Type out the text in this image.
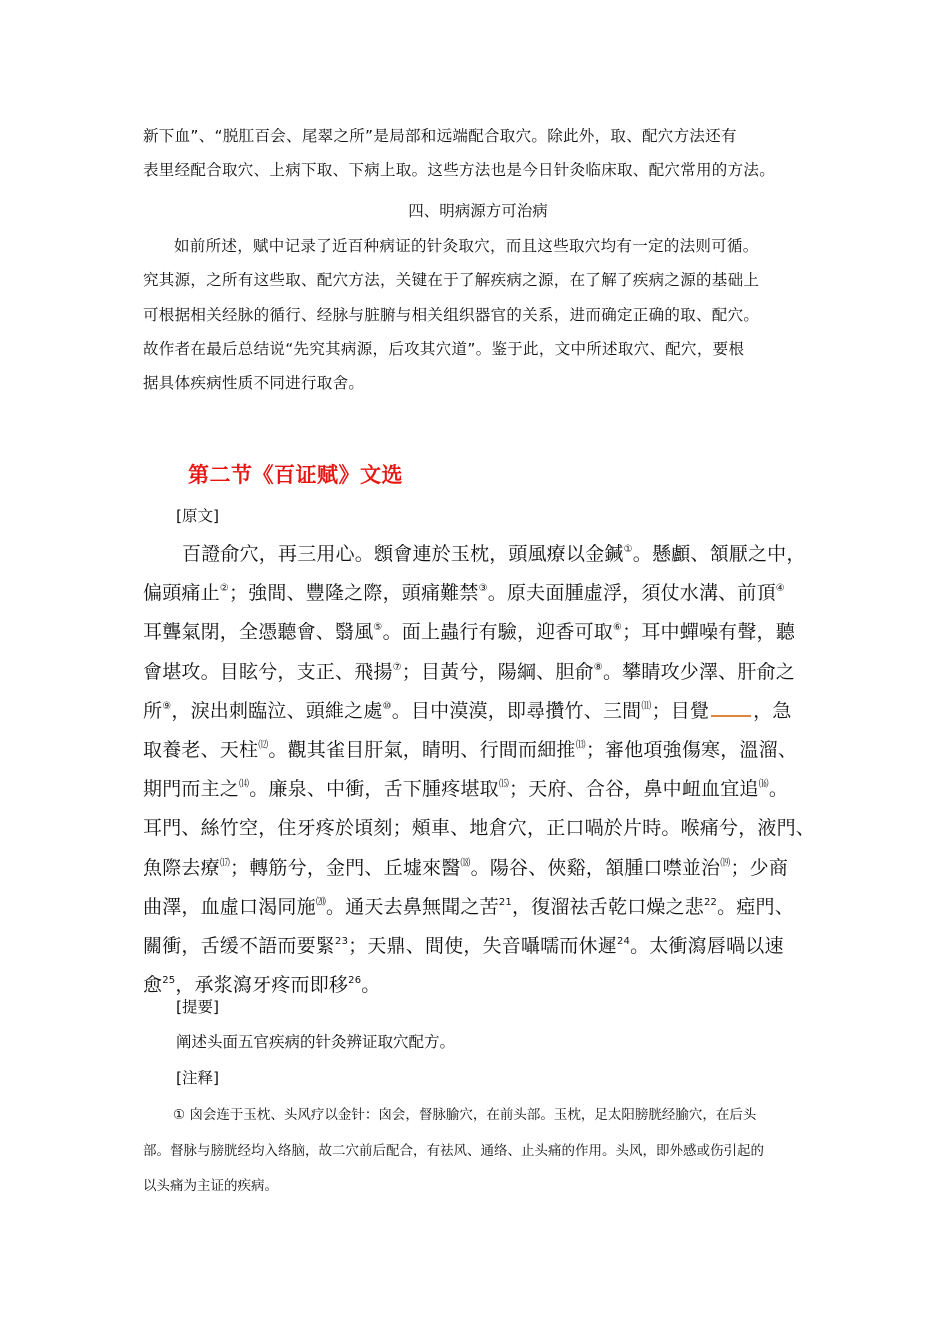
新下血”、“脱肛百会、尾翠之所”是局部和远端配合取穴。除此外，取、配穴方法还有
表里经配合取穴、上病下取、下病上取。这些方法也是今日针灸临床取、配穴常用的方法。
四、明病源方可治病
如前所述，赋中记录了近百种病证的针灸取穴，而且这些取穴均有一定的法则可循。
究其源，之所有这些取、配穴方法，关键在于了解疾病之源，在了解了疾病之源的基础上
可根据相关经脉的循行、经脉与脏腑与相关组织器官的关系，进而确定正确的取、配穴。
故作者在最后总结说“先究其病源，后攻其穴道”。鉴于此，文中所述取穴、配穴，要根
据具体疾病性质不同进行取舍。
第二节《百证赋》文选
[原文]
百證俞穴，再三用心。顖會連於玉枕，頭風療以金鍼①。懸顱、頷厭之中，
偏頭痛止②；強間、豐隆之際，頭痛難禁③。原夫面腫虛浮，須仗水溝、前頂④
耳聾氣閉，全憑聽會、翳風⑤。面上蟲行有驗，迎香可取⑥；耳中蟬噪有聲，聽
會堪攻。目眩兮，支正、飛揚⑦；目黃兮，陽綱、胆俞⑧。攀睛攻少澤、肝俞之
所⑨，淚出刺臨泣、頭維之處⑩。目中漠漠，即尋攢竹、三間⑾；目覺 ，急
取養老、天柱⑿。觀其雀目肝氣，睛明、行間而細推⒀；審他項強傷寒，溫溜、
期門而主之⒁。廉泉、中衝，舌下腫疼堪取⒂；天府、合谷，鼻中衄血宜追⒃。
耳門、絲竹空，住牙疼於頃刻；頰車、地倉穴，正口喎於片時。喉痛兮，液門、
魚際去療⒄；轉筋兮，金門、丘墟來醫⒅。陽谷、俠谿，頷腫口噤並治⒆；少商
曲澤，血虛口渴同施⒇。通天去鼻無聞之苦$^{21}$，復溜祛舌乾口燥之悲$^{22}$。瘂門、
關衝，舌缓不語而要緊$^{23}$；天鼎、間使，失音囁嚅而休遲$^{24}$。太衝瀉唇喎以速
愈$^{25}$，承浆瀉牙疼而即移$^{26}$。
[提要]
阐述头面五官疾病的针灸辨证取穴配方。
[注释]
① 囟会连于玉枕、头风疗以金针：囟会，督脉腧穴，在前头部。玉枕，足太阳膀胱经腧穴，在后头
部。督脉与膀胱经均入络脑，故二穴前后配合，有祛风、通络、止头痛的作用。头风，即外感或伤引起的
以头痛为主证的疾病。
